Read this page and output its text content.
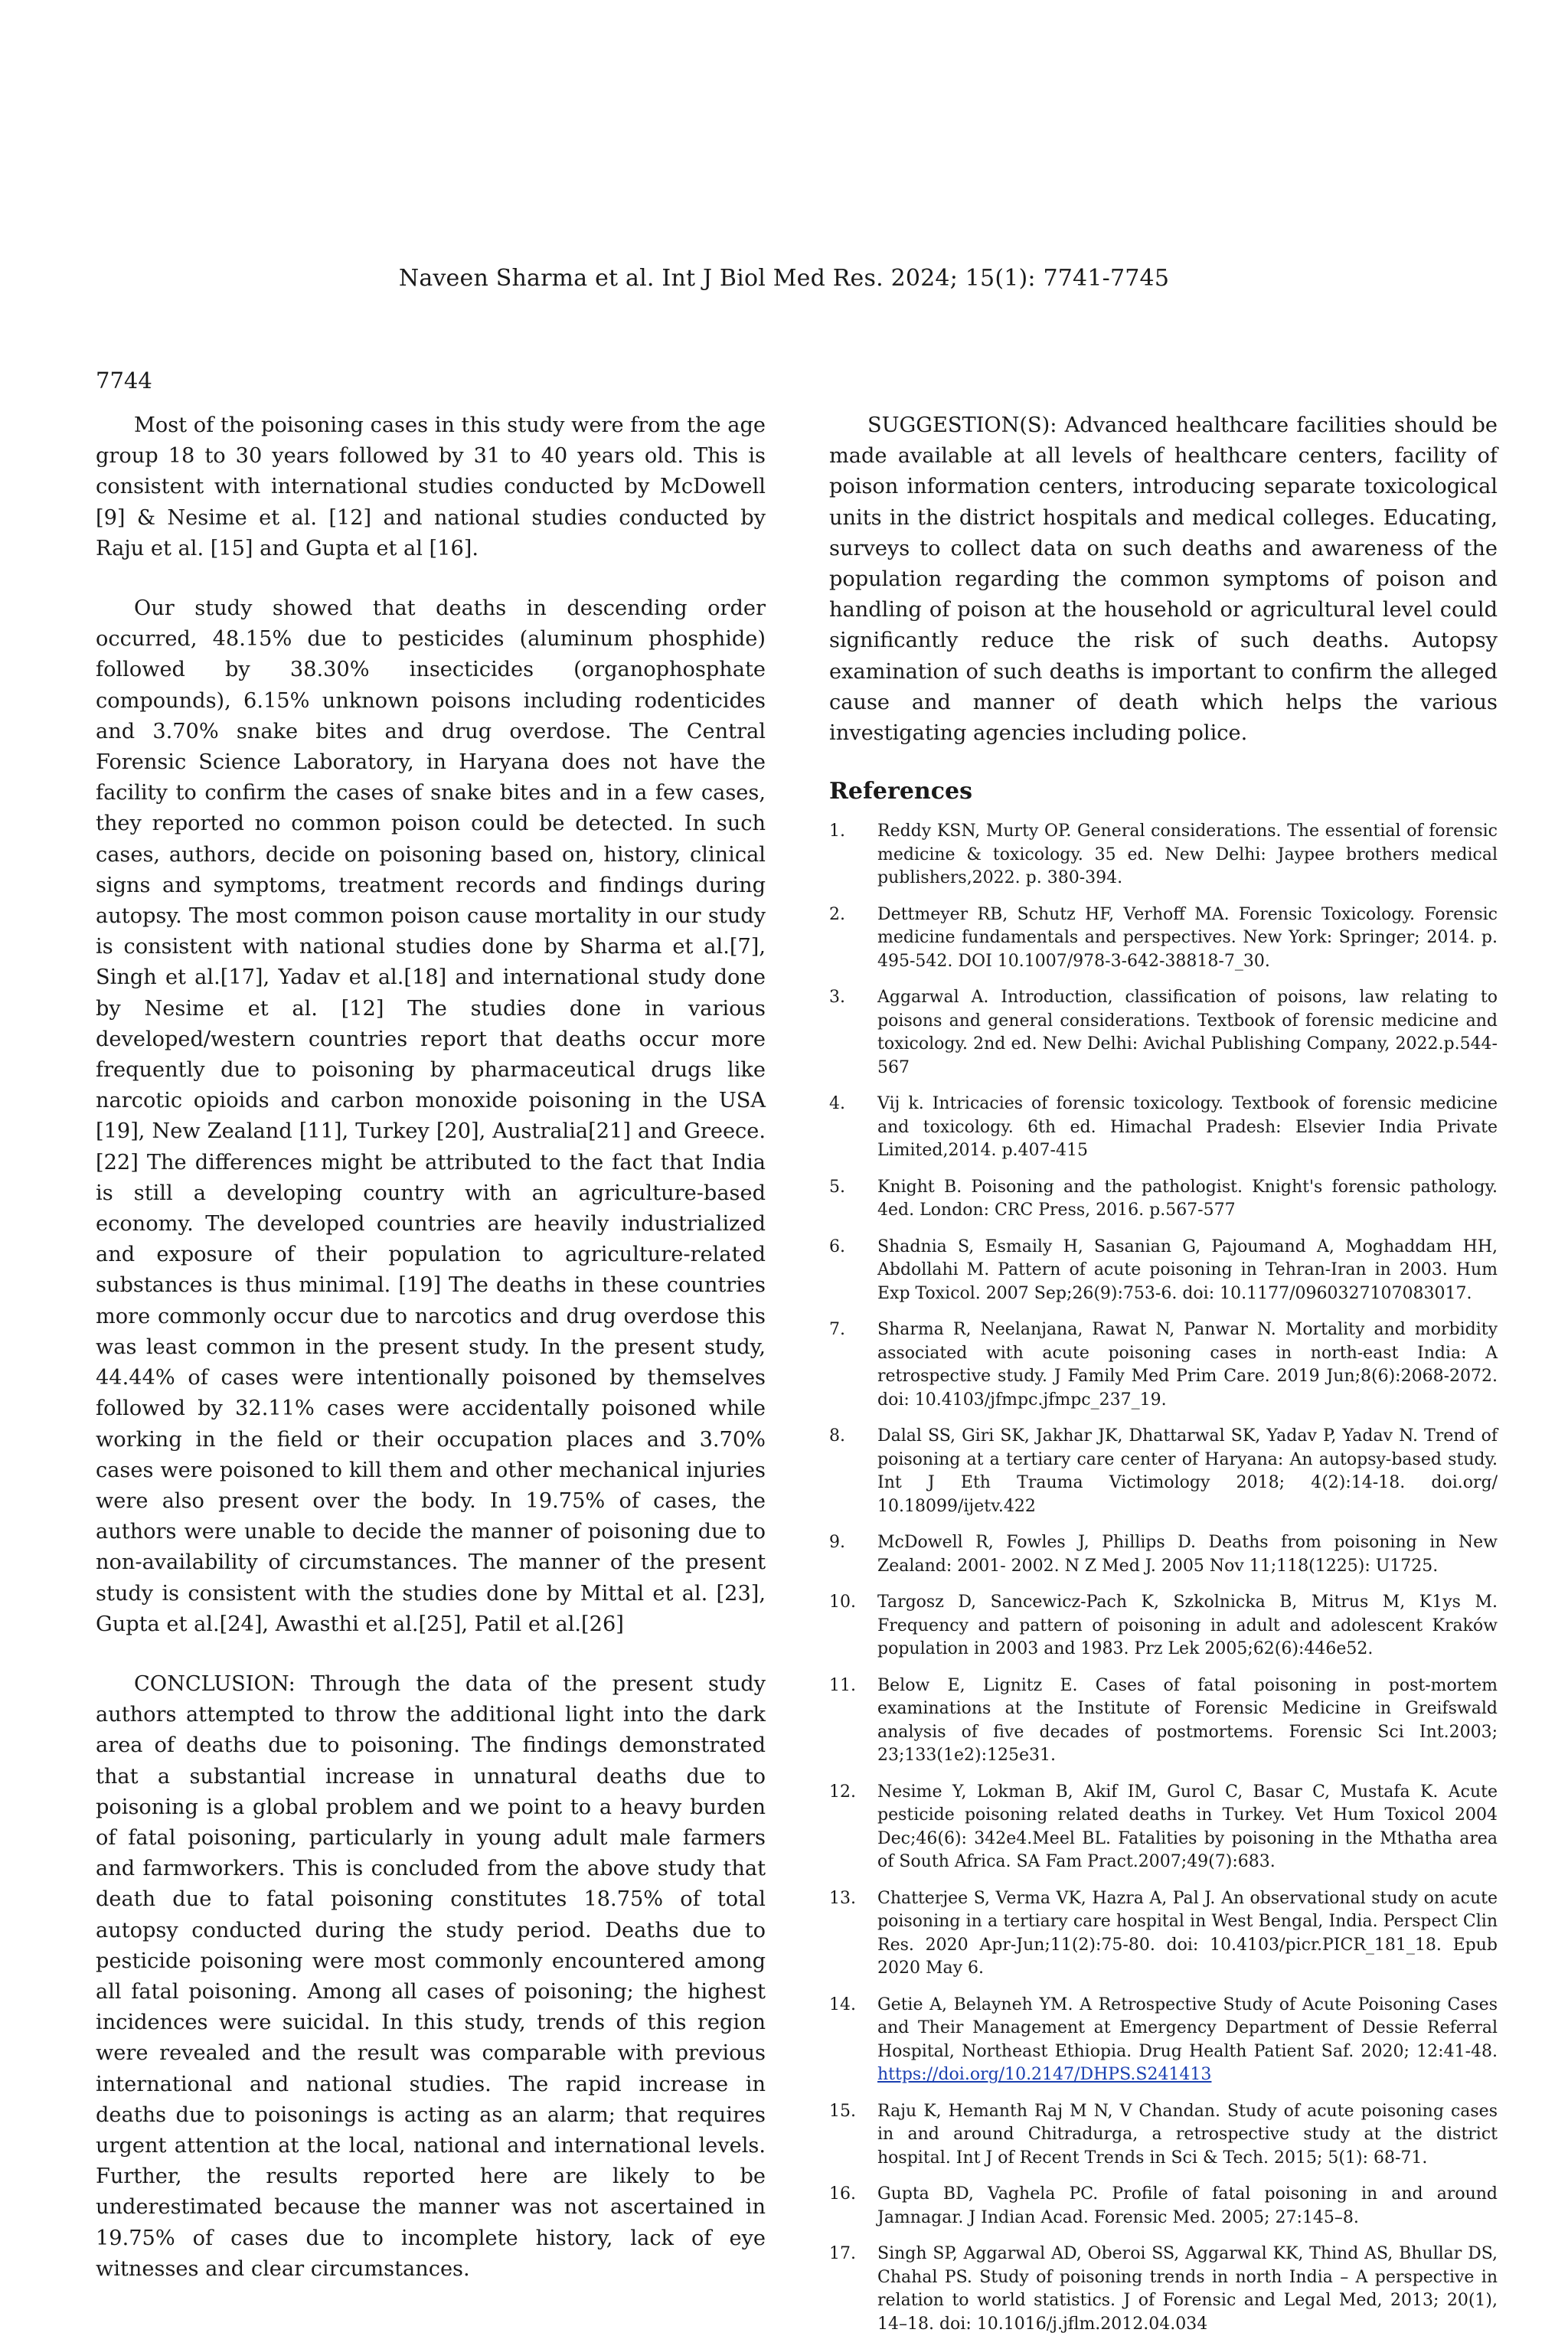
Naveen Sharma et al. Int J Biol Med Res. 2024; 15(1): 7741-7745
7744

Most of the poisoning cases in this study were from the age group 18 to 30 years followed by 31 to 40 years old. This is consistent with international studies conducted by McDowell [9] & Nesime et al. [12] and national studies conducted by Raju et al. [15] and Gupta et al [16].

Our study showed that deaths in descending order occurred, 48.15% due to pesticides (aluminum phosphide) followed by 38.30% insecticides (organophosphate compounds), 6.15% unknown poisons including rodenticides and 3.70% snake bites and drug overdose. The Central Forensic Science Laboratory, in Haryana does not have the facility to confirm the cases of snake bites and in a few cases, they reported no common poison could be detected. In such cases, authors, decide on poisoning based on, history, clinical signs and symptoms, treatment records and findings during autopsy. The most common poison cause mortality in our study is consistent with national studies done by Sharma et al.[7], Singh et al.[17], Yadav et al.[18] and international study done by Nesime et al. [12] The studies done in various developed/western countries report that deaths occur more frequently due to poisoning by pharmaceutical drugs like narcotic opioids and carbon monoxide poisoning in the USA [19], New Zealand [11], Turkey [20], Australia[21] and Greece.[22] The differences might be attributed to the fact that India is still a developing country with an agriculture-based economy. The developed countries are heavily industrialized and exposure of their population to agriculture-related substances is thus minimal. [19] The deaths in these countries more commonly occur due to narcotics and drug overdose this was least common in the present study. In the present study, 44.44% of cases were intentionally poisoned by themselves followed by 32.11% cases were accidentally poisoned while working in the field or their occupation places and 3.70% cases were poisoned to kill them and other mechanical injuries were also present over the body. In 19.75% of cases, the authors were unable to decide the manner of poisoning due to non-availability of circumstances. The manner of the present study is consistent with the studies done by Mittal et al. [23], Gupta et al.[24], Awasthi et al.[25], Patil et al.[26]

CONCLUSION: Through the data of the present study authors attempted to throw the additional light into the dark area of deaths due to poisoning. The findings demonstrated that a substantial increase in unnatural deaths due to poisoning is a global problem and we point to a heavy burden of fatal poisoning, particularly in young adult male farmers and farmworkers. This is concluded from the above study that death due to fatal poisoning constitutes 18.75% of total autopsy conducted during the study period. Deaths due to pesticide poisoning were most commonly encountered among all fatal poisoning. Among all cases of poisoning; the highest incidences were suicidal. In this study, trends of this region were revealed and the result was comparable with previous international and national studies. The rapid increase in deaths due to poisonings is acting as an alarm; that requires urgent attention at the local, national and international levels. Further, the results reported here are likely to be underestimated because the manner was not ascertained in 19.75% of cases due to incomplete history, lack of eye witnesses and clear circumstances.

SUGGESTION(S): Advanced healthcare facilities should be made available at all levels of healthcare centers, facility of poison information centers, introducing separate toxicological units in the district hospitals and medical colleges. Educating, surveys to collect data on such deaths and awareness of the population regarding the common symptoms of poison and handling of poison at the household or agricultural level could significantly reduce the risk of such deaths. Autopsy examination of such deaths is important to confirm the alleged cause and manner of death which helps the various investigating agencies including police.

References
1.	Reddy KSN, Murty OP. General considerations. The essential of forensic medicine & toxicology. 35 ed. New Delhi: Jaypee brothers medical publishers,2022. p. 380-394.
2.	Dettmeyer RB, Schutz HF, Verhoff MA. Forensic Toxicology. Forensic medicine fundamentals and perspectives. New York: Springer; 2014. p. 495-542. DOI 10.1007/978-3-642-38818-7_30.
3.	Aggarwal A. Introduction, classification of poisons, law relating to poisons and general considerations. Textbook of forensic medicine and toxicology. 2nd ed. New Delhi: Avichal Publishing Company, 2022.p.544-567
4.	Vij k. Intricacies of forensic toxicology. Textbook of forensic medicine and toxicology. 6th ed. Himachal Pradesh: Elsevier India Private Limited,2014. p.407-415
5.	Knight B. Poisoning and the pathologist. Knight's forensic pathology. 4ed. London: CRC Press, 2016. p.567-577
6.	Shadnia S, Esmaily H, Sasanian G, Pajoumand A, Moghaddam HH, Abdollahi M. Pattern of acute poisoning in Tehran-Iran in 2003. Hum Exp Toxicol. 2007 Sep;26(9):753-6. doi: 10.1177/0960327107083017.
7.	Sharma R, Neelanjana, Rawat N, Panwar N. Mortality and morbidity associated with acute poisoning cases in north-east India: A retrospective study. J Family Med Prim Care. 2019 Jun;8(6):2068-2072. doi: 10.4103/jfmpc.jfmpc_237_19.
8.	Dalal SS, Giri SK, Jakhar JK, Dhattarwal SK, Yadav P, Yadav N. Trend of poisoning at a tertiary care center of Haryana: An autopsy-based study. Int J Eth Trauma Victimology 2018; 4(2):14-18. doi.org/ 10.18099/ijetv.422
9.	McDowell R, Fowles J, Phillips D. Deaths from poisoning in New Zealand: 2001- 2002. N Z Med J. 2005 Nov 11;118(1225): U1725.
10.	Targosz D, Sancewicz-Pach K, Szkolnicka B, Mitrus M, K1ys M. Frequency and pattern of poisoning in adult and adolescent Kraków population in 2003 and 1983. Prz Lek 2005;62(6):446e52.
11.	Below E, Lignitz E. Cases of fatal poisoning in post-mortem examinations at the Institute of Forensic Medicine in Greifswald analysis of five decades of postmortems. Forensic Sci Int.2003; 23;133(1e2):125e31.
12.	Nesime Y, Lokman B, Akif IM, Gurol C, Basar C, Mustafa K. Acute pesticide poisoning related deaths in Turkey. Vet Hum Toxicol 2004 Dec;46(6): 342e4.Meel BL. Fatalities by poisoning in the Mthatha area of South Africa. SA Fam Pract.2007;49(7):683.
13.	Chatterjee S, Verma VK, Hazra A, Pal J. An observational study on acute poisoning in a tertiary care hospital in West Bengal, India. Perspect Clin Res. 2020 Apr-Jun;11(2):75-80. doi: 10.4103/picr.PICR_181_18. Epub 2020 May 6.
14.	Getie A, Belayneh YM. A Retrospective Study of Acute Poisoning Cases and Their Management at Emergency Department of Dessie Referral Hospital, Northeast Ethiopia. Drug Health Patient Saf. 2020; 12:41-48. https://doi.org/10.2147/DHPS.S241413
15.	Raju K, Hemanth Raj M N, V Chandan. Study of acute poisoning cases in and around Chitradurga, a retrospective study at the district hospital. Int J of Recent Trends in Sci & Tech. 2015; 5(1): 68-71.
16.	Gupta BD, Vaghela PC. Profile of fatal poisoning in and around Jamnagar. J Indian Acad. Forensic Med. 2005; 27:145–8.
17.	Singh SP, Aggarwal AD, Oberoi SS, Aggarwal KK, Thind AS, Bhullar DS, Chahal PS. Study of poisoning trends in north India – A perspective in relation to world statistics. J of Forensic and Legal Med, 2013; 20(1), 14–18. doi: 10.1016/j.jflm.2012.04.034
